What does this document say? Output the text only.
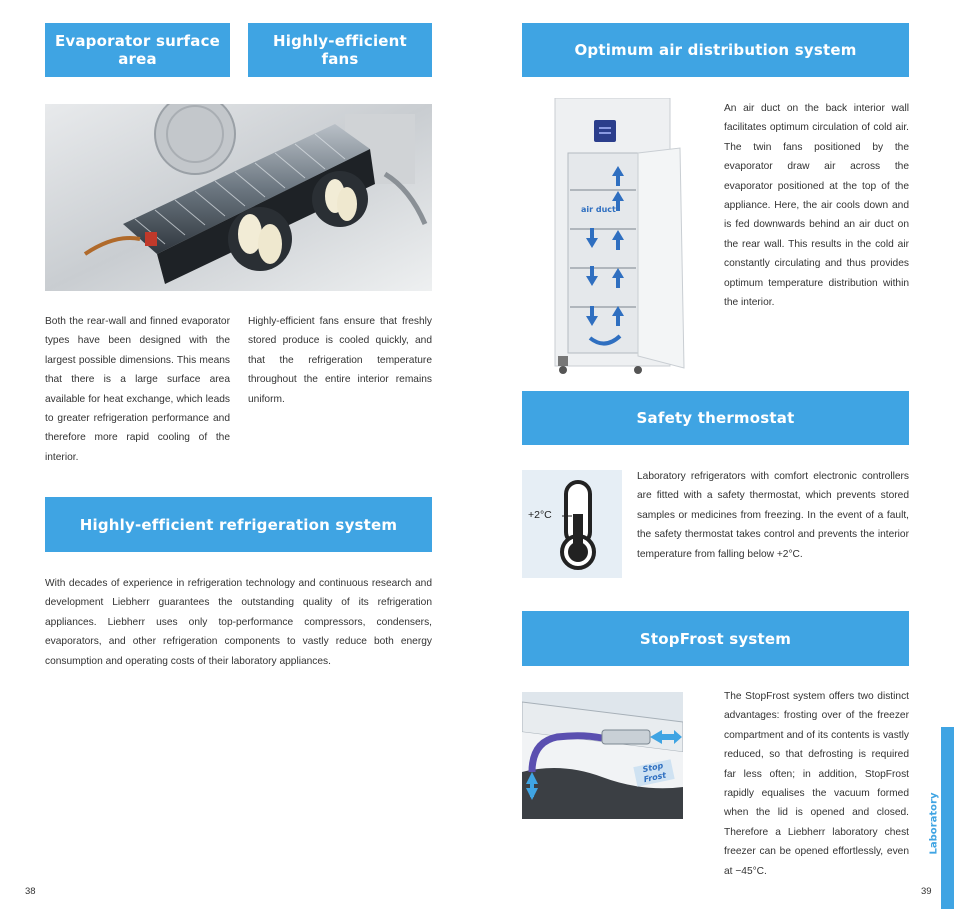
Evaporator surface area
Highly-efficient fans
Both the rear-wall and finned evaporator types have been designed with the largest possible dimensions. This means that there is a large surface area available for heat exchange, which leads to greater refrigeration performance and therefore more rapid cooling of the interior.
Highly-efficient fans ensure that freshly stored produce is cooled quickly, and that the refrigeration temperature throughout the entire interior remains uniform.
Highly-efficient refrigeration system
With decades of experience in refrigeration technology and continuous research and development Liebherr guarantees the outstanding quality of its refrigeration appliances. Liebherr uses only top-performance compressors, condensers, evaporators, and other refrigeration components to vastly reduce both energy consumption and operating costs of their laboratory appliances.
38
Optimum air distribution system
air duct
An air duct on the back interior wall facilitates optimum circulation of cold air. The twin fans positioned by the evaporator draw air across the evaporator positioned at the top of the appliance. Here, the air cools down and is fed downwards behind an air duct on the rear wall. This results in the cold air constantly circulating and thus provides optimum temperature distribution within the interior.
Safety thermostat
+2°C
Laboratory refrigerators with comfort electronic controllers are fitted with a safety thermostat, which prevents stored samples or medicines from freezing. In the event of a fault, the safety thermostat takes control and prevents the interior temperature from falling below +2°C.
StopFrost system
Stop Frost
The StopFrost system offers two distinct advantages: frosting over of the freezer compartment and of its contents is vastly reduced, so that defrosting is required far less often; in addition, StopFrost rapidly equalises the vacuum formed when the lid is opened and closed. Therefore a Liebherr laboratory chest freezer can be opened effortlessly, even at −45°C.
Laboratory
39
